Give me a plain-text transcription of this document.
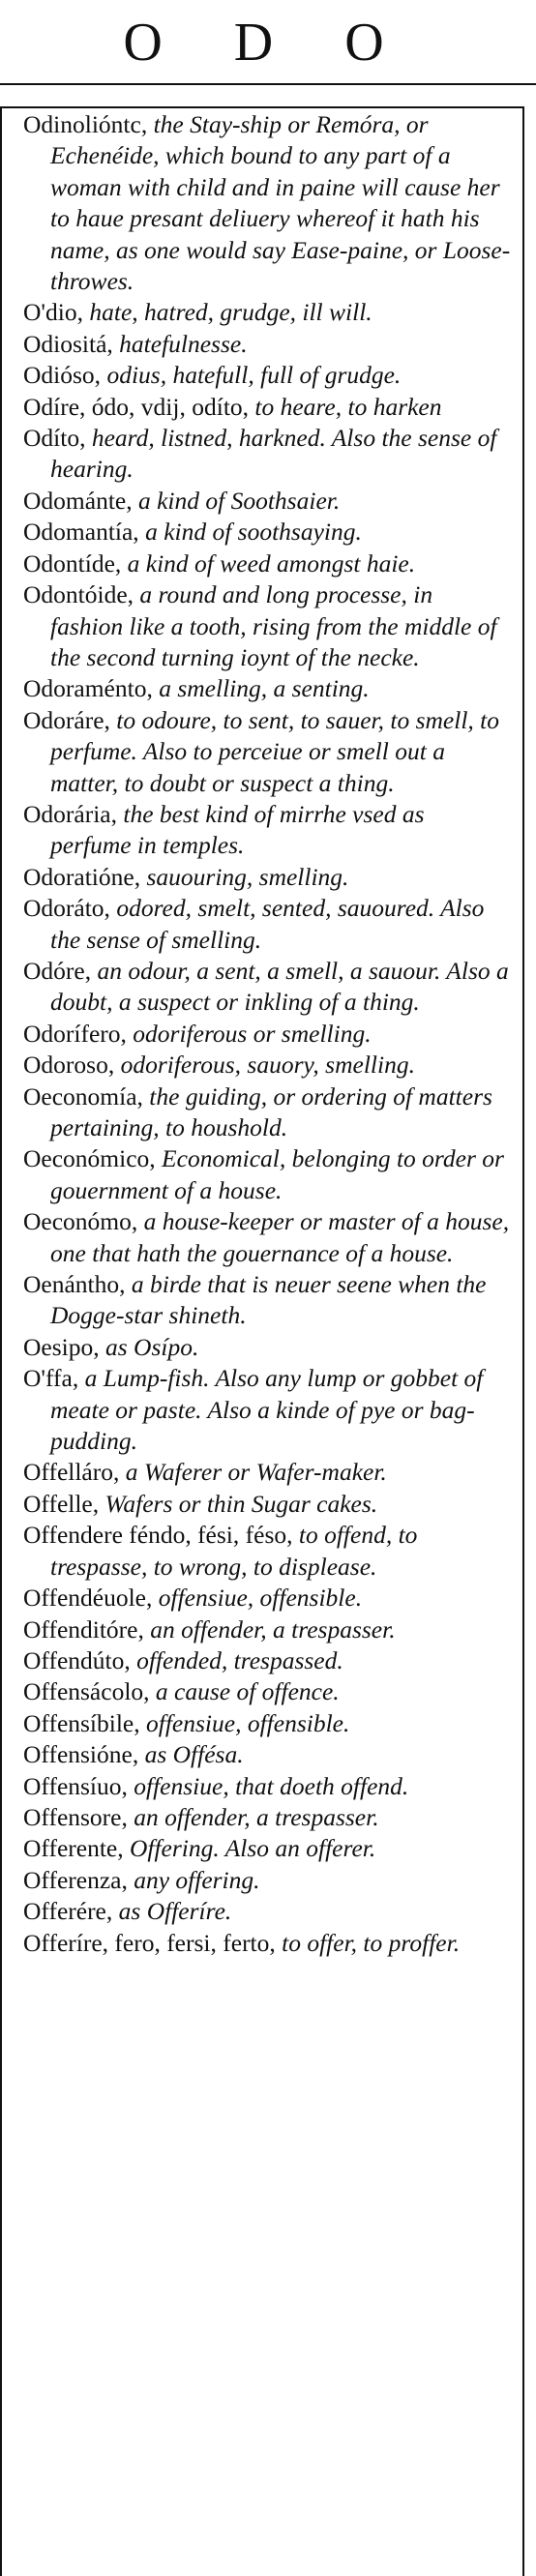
O D O
Odinolióntc, the Stay-ship or Remóra, or Echenéide, which bound to any part of a woman with child and in paine will cause her to haue presant deliuery whereof it hath his name, as one would say Ease-paine, or Loose-throwes.
O'dio, hate, hatred, grudge, ill will.
Odiositá, hatefulnesse.
Odióso, odius, hatefull, full of grudge.
Odíre, ódo, vdij, odíto, to heare, to harken
Odíto, heard, listned, harkned. Also the sense of hearing.
Odománte, a kind of Soothsaier.
Odomantía, a kind of soothsaying.
Odontíde, a kind of weed amongst haie.
Odontóide, a round and long processe, in fashion like a tooth, rising from the middle of the second turning ioynt of the necke.
Odoraménto, a smelling, a senting.
Odoráre, to odoure, to sent, to sauer, to smell, to perfume. Also to perceiue or smell out a matter, to doubt or suspect a thing.
Odorária, the best kind of mirrhe vsed as perfume in temples.
Odoratióne, sauouring, smelling.
Odoráto, odored, smelt, sented, sauoured. Also the sense of smelling.
Odóre, an odour, a sent, a smell, a sauour. Also a doubt, a suspect or inkling of a thing.
Odorífero, odoriferous or smelling.
Odoroso, odoriferous, sauory, smelling.
Oeconomía, the guiding, or ordering of matters pertaining, to houshold.
Oeconómico, Economical, belonging to order or gouernment of a house.
Oeconómo, a house-keeper or master of a house, one that hath the gouernance of a house.
Oenántho, a birde that is neuer seene when the Dogge-star shineth.
Oesipo, as Osípo.
O'ffa, a Lump-fish. Also any lump or gobbet of meate or paste. Also a kinde of pye or bag-pudding.
Offelláro, a Waferer or Wafer-maker.
Offelle, Wafers or thin Sugar cakes.
Offendere féndo, fési, féso, to offend, to trespasse, to wrong, to displease.
Offendéuole, offensiue, offensible.
Offenditóre, an offender, a trespasser.
Offendúto, offended, trespassed.
Offensácolo, a cause of offence.
Offensíbile, offensiue, offensible.
Offensióne, as Offésa.
Offensíuo, offensiue, that doeth offend.
Offensore, an offender, a trespasser.
Offerente, Offering. Also an offerer.
Offerenza, any offering.
Offerére, as Offeríre.
Offeríre, fero, fersi, ferto, to offer, to proffer.
